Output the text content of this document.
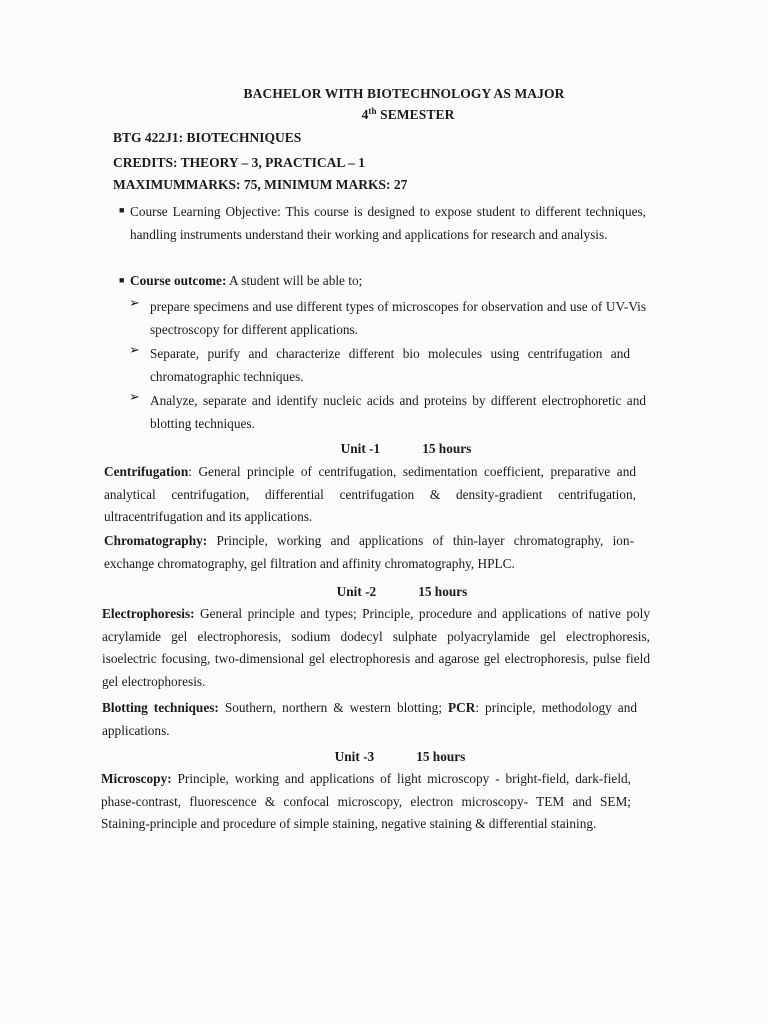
BACHELOR WITH BIOTECHNOLOGY AS MAJOR
4th SEMESTER
BTG 422J1: BIOTECHNIQUES
CREDITS: THEORY – 3, PRACTICAL – 1
MAXIMUMMARKS: 75, MINIMUM MARKS: 27
■ Course Learning Objective: This course is designed to expose student to different techniques, handling instruments understand their working and applications for research and analysis.
■ Course outcome: A student will be able to;
➢ prepare specimens and use different types of microscopes for observation and use of UV-Vis spectroscopy for different applications.
➢ Separate, purify and characterize different bio molecules using centrifugation and chromatographic techniques.
➢ Analyze, separate and identify nucleic acids and proteins by different electrophoretic and blotting techniques.
Unit -1	15 hours
Centrifugation: General principle of centrifugation, sedimentation coefficient, preparative and analytical centrifugation, differential centrifugation & density-gradient centrifugation, ultracentrifugation and its applications.
Chromatography: Principle, working and applications of thin-layer chromatography, ion-exchange chromatography, gel filtration and affinity chromatography, HPLC.
Unit -2	15 hours
Electrophoresis: General principle and types; Principle, procedure and applications of native poly acrylamide gel electrophoresis, sodium dodecyl sulphate polyacrylamide gel electrophoresis, isoelectric focusing, two-dimensional gel electrophoresis and agarose gel electrophoresis, pulse field gel electrophoresis.
Blotting techniques: Southern, northern & western blotting; PCR: principle, methodology and applications.
Unit -3	15 hours
Microscopy: Principle, working and applications of light microscopy - bright-field, dark-field, phase-contrast, fluorescence & confocal microscopy, electron microscopy- TEM and SEM; Staining-principle and procedure of simple staining, negative staining & differential staining.
